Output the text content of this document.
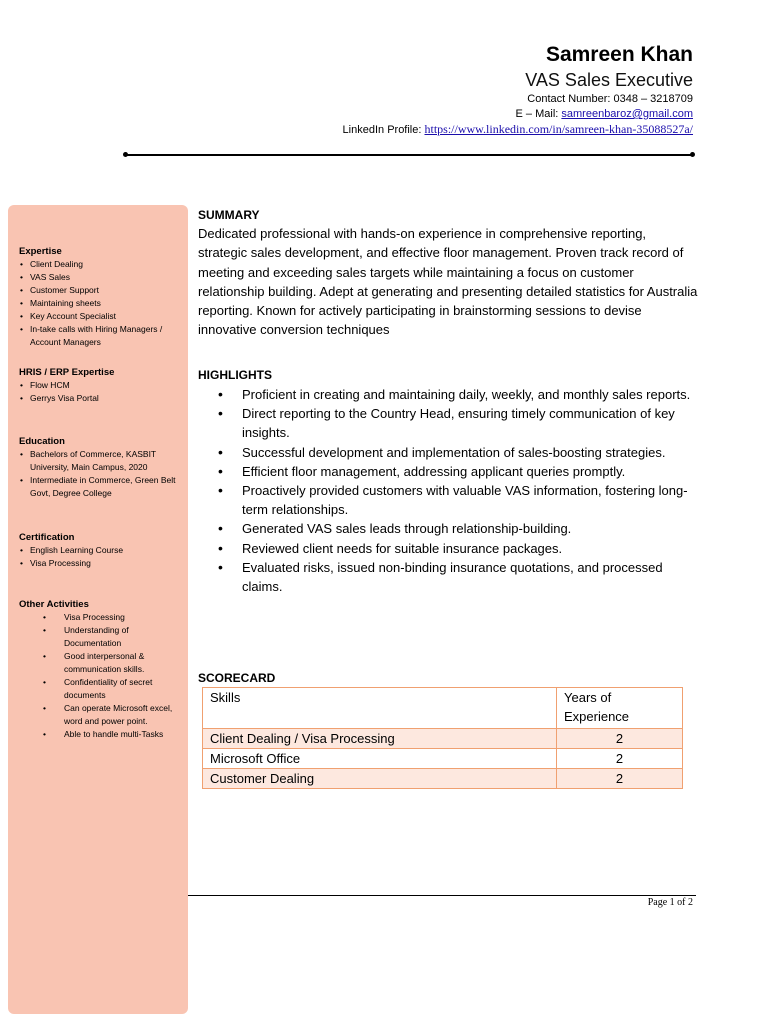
Samreen Khan
VAS Sales Executive
Contact Number: 0348 – 3218709
E – Mail: samreenbaroz@gmail.com
LinkedIn Profile: https://www.linkedin.com/in/samreen-khan-35088527a/
Expertise
• Client Dealing
• VAS Sales
• Customer Support
• Maintaining sheets
• Key Account Specialist
• In-take calls with Hiring Managers / Account Managers
HRIS / ERP Expertise
• Flow HCM
• Gerrys Visa Portal
Education
• Bachelors of Commerce, KASBIT University, Main Campus, 2020
• Intermediate in Commerce, Green Belt Govt, Degree College
Certification
• English Learning Course
• Visa Processing
Other Activities
• Visa Processing
• Understanding of Documentation
• Good interpersonal & communication skills.
• Confidentiality of secret documents
• Can operate Microsoft excel, word and power point.
• Able to handle multi-Tasks
SUMMARY
Dedicated professional with hands-on experience in comprehensive reporting, strategic sales development, and effective floor management. Proven track record of meeting and exceeding sales targets while maintaining a focus on customer relationship building. Adept at generating and presenting detailed statistics for Australia reporting. Known for actively participating in brainstorming sessions to devise innovative conversion techniques
HIGHLIGHTS
• Proficient in creating and maintaining daily, weekly, and monthly sales reports.
• Direct reporting to the Country Head, ensuring timely communication of key insights.
• Successful development and implementation of sales-boosting strategies.
• Efficient floor management, addressing applicant queries promptly.
• Proactively provided customers with valuable VAS information, fostering long-term relationships.
• Generated VAS sales leads through relationship-building.
• Reviewed client needs for suitable insurance packages.
• Evaluated risks, issued non-binding insurance quotations, and processed claims.
SCORECARD
Skills	Years of Experience
Client Dealing / Visa Processing	2
Microsoft Office	2
Customer Dealing	2
Page 1 of 2
